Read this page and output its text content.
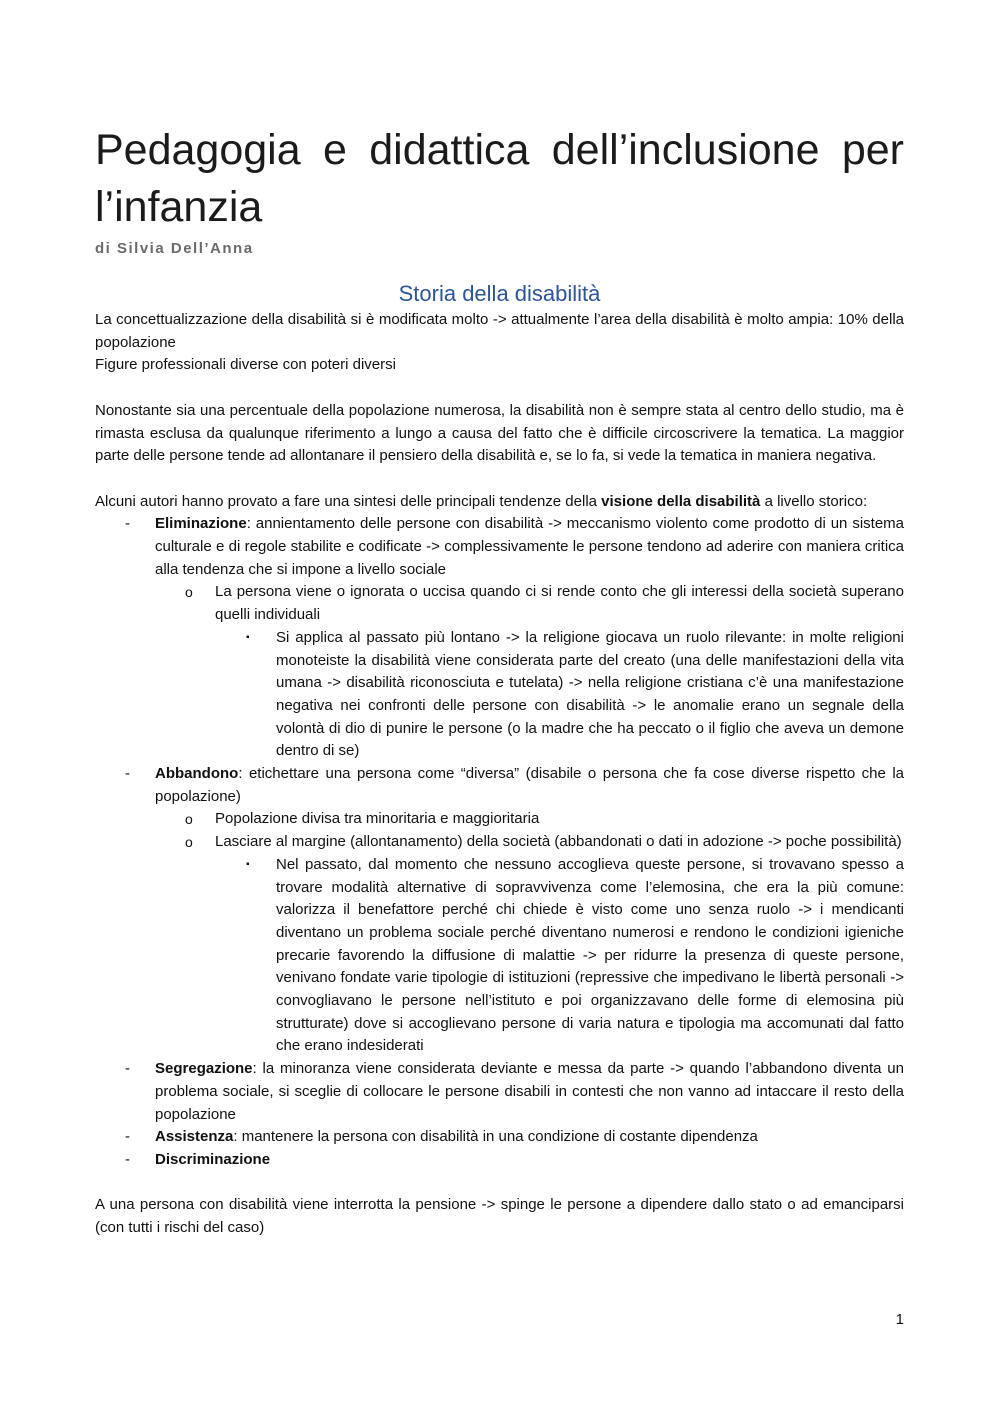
Pedagogia e didattica dell’inclusione per l’infanzia
di Silvia Dell’Anna
Storia della disabilità

La concettualizzazione della disabilità si è modificata molto -> attualmente l’area della disabilità è molto ampia: 10% della popolazione

Figure professionali diverse con poteri diversi

Nonostante sia una percentuale della popolazione numerosa, la disabilità non è sempre stata al centro dello studio, ma è rimasta esclusa da qualunque riferimento a lungo a causa del fatto che è difficile circoscrivere la tematica. La maggior parte delle persone tende ad allontanare il pensiero della disabilità e, se lo fa, si vede la tematica in maniera negativa.

Alcuni autori hanno provato a fare una sintesi delle principali tendenze della visione della disabilità a livello storico:

- Eliminazione: annientamento delle persone con disabilità -> meccanismo violento come prodotto di un sistema culturale e di regole stabilite e codificate -> complessivamente le persone tendono ad aderire con maniera critica alla tendenza che si impone a livello sociale
o La persona viene o ignorata o uccisa quando ci si rende conto che gli interessi della società superano quelli individuali
▪ Si applica al passato più lontano -> la religione giocava un ruolo rilevante: in molte religioni monoteiste la disabilità viene considerata parte del creato (una delle manifestazioni della vita umana -> disabilità riconosciuta e tutelata) -> nella religione cristiana c’è una manifestazione negativa nei confronti delle persone con disabilità -> le anomalie erano un segnale della volontà di dio di punire le persone (o la madre che ha peccato o il figlio che aveva un demone dentro di se)
- Abbandono: etichettare una persona come “diversa” (disabile o persona che fa cose diverse rispetto che la popolazione)
o Popolazione divisa tra minoritaria e maggioritaria
o Lasciare al margine (allontanamento) della società (abbandonati o dati in adozione -> poche possibilità)
▪ Nel passato, dal momento che nessuno accoglieva queste persone, si trovavano spesso a trovare modalità alternative di sopravvivenza come l’elemosina, che era la più comune: valorizza il benefattore perché chi chiede è visto come uno senza ruolo -> i mendicanti diventano un problema sociale perché diventano numerosi e rendono le condizioni igieniche precarie favorendo la diffusione di malattie -> per ridurre la presenza di queste persone, venivano fondate varie tipologie di istituzioni (repressive che impedivano le libertà personali -> convogliavano le persone nell’istituto e poi organizzavano delle forme di elemosina più strutturate) dove si accoglievano persone di varia natura e tipologia ma accomunati dal fatto che erano indesiderati
- Segregazione: la minoranza viene considerata deviante e messa da parte -> quando l’abbandono diventa un problema sociale, si sceglie di collocare le persone disabili in contesti che non vanno ad intaccare il resto della popolazione
- Assistenza: mantenere la persona con disabilità in una condizione di costante dipendenza
- Discriminazione

A una persona con disabilità viene interrotta la pensione -> spinge le persone a dipendere dallo stato o ad emanciparsi (con tutti i rischi del caso)

1
